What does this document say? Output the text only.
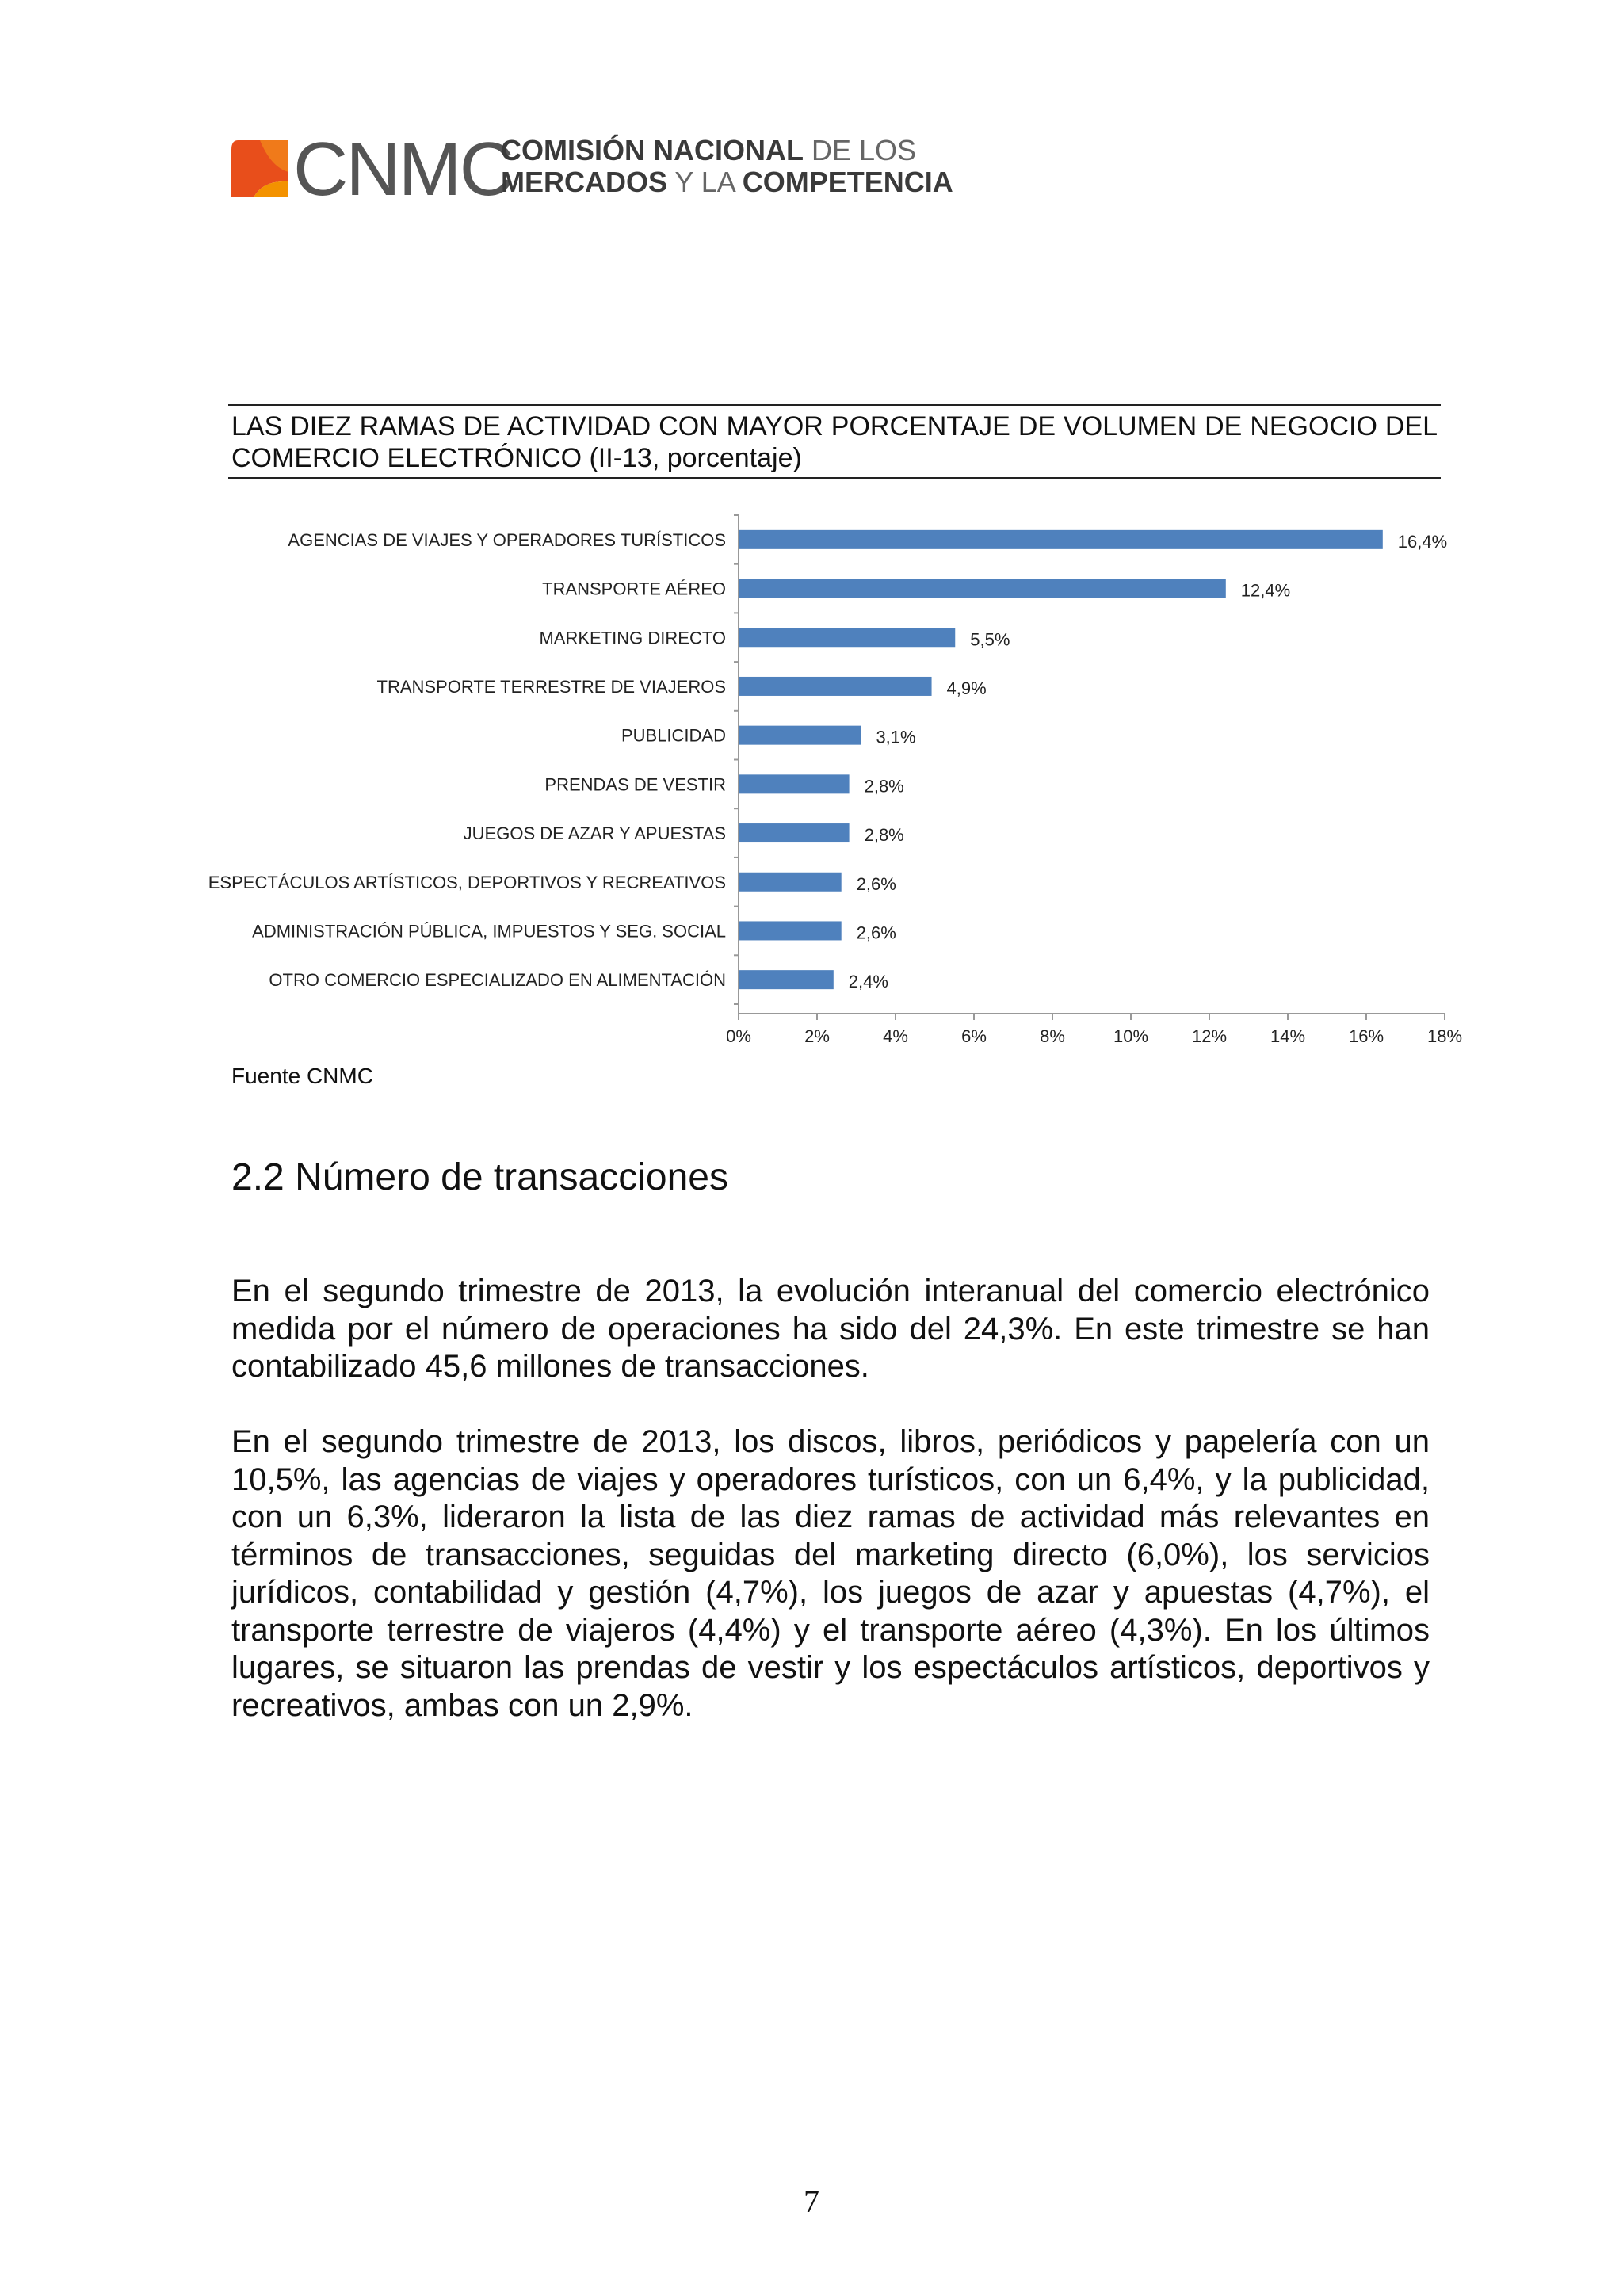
CNMC
COMISIÓN NACIONAL DE LOS
MERCADOS Y LA COMPETENCIA
LAS DIEZ RAMAS DE ACTIVIDAD CON MAYOR PORCENTAJE DE VOLUMEN DE NEGOCIO DEL COMERCIO ELECTRÓNICO (II-13, porcentaje)
AGENCIAS DE VIAJES Y OPERADORES TURÍSTICOS	16,4%
TRANSPORTE AÉREO	12,4%
MARKETING DIRECTO	5,5%
TRANSPORTE TERRESTRE DE VIAJEROS	4,9%
PUBLICIDAD	3,1%
PRENDAS DE VESTIR	2,8%
JUEGOS DE AZAR Y APUESTAS	2,8%
ESPECTÁCULOS ARTÍSTICOS, DEPORTIVOS Y RECREATIVOS	2,6%
ADMINISTRACIÓN PÚBLICA, IMPUESTOS Y SEG. SOCIAL	2,6%
OTRO COMERCIO ESPECIALIZADO EN ALIMENTACIÓN	2,4%
0%	2%	4%	6%	8%	10% 12% 14% 16% 18%
Fuente CNMC
2.2 Número de transacciones

En el segundo trimestre de 2013, la evolución interanual del comercio electrónico medida por el número de operaciones ha sido del 24,3%. En este trimestre se han contabilizado 45,6 millones de transacciones.

En el segundo trimestre de 2013, los discos, libros, periódicos y papelería con un 10,5%, las agencias de viajes y operadores turísticos, con un 6,4%, y la publicidad, con un 6,3%, lideraron la lista de las diez ramas de actividad más relevantes en términos de transacciones, seguidas del marketing directo (6,0%), los servicios jurídicos, contabilidad y gestión (4,7%), los juegos de azar y apuestas (4,7%), el transporte terrestre de viajeros (4,4%) y el transporte aéreo (4,3%). En los últimos lugares, se situaron las prendas de vestir y los espectáculos artísticos, deportivos y recreativos, ambas con un 2,9%.

7
